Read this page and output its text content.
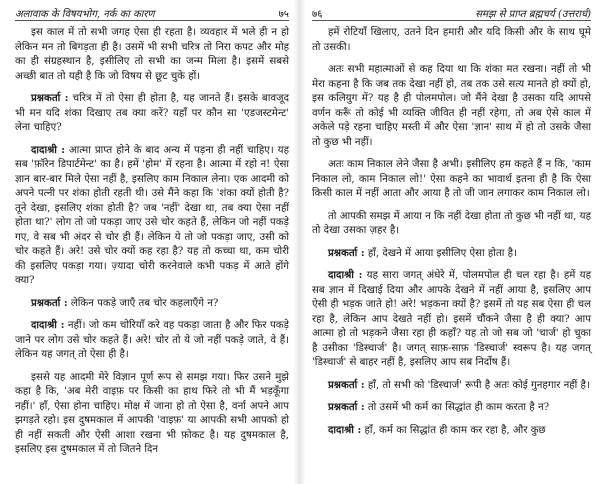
अलावाक के विषयभोग, नर्क का कारण	७५

इस काल में तो सभी जगह ऐसा ही रहता है। व्यवहार में भले ही न हो लेकिन मन तो बिगड़ता ही है। उसमें भी सभी चरित्र तो निरा कपट और मोह का ही संग्रहस्थान है, इसीलिए तो सभी का जन्म मिला है। इसमें सबसे अच्छी बात तो यही है कि जो विषय से छूट चुके हों।

प्रश्नकर्ता : चरित्र में तो ऐसा ही होता है, यह जानते हैं। इसके बावजूद भी मन यदि शंका दिखाए तब क्या करें? यहाँ पर कौन सा 'एडजस्टमेन्ट' लेना चाहिए?

दादाश्री : आत्मा प्राप्त होने के बाद अन्य में पड़ना ही नहीं चाहिए। यह सब 'फ़ॉरेन डिपार्टमेन्ट' का है। हमें 'होम' में रहना है। आत्मा में रहो न! ऐसा ज्ञान बार-बार मिले ऐसा नहीं है, इसलिए काम निकाल लेना। एक आदमी को अपने पत्नी पर शंका होती रहती थी। उसे मैंने कहा कि 'शंका क्यों होती है? तूने देखा, इसलिए शंका होती है? जब 'नहीं' देखा था, तब क्या ऐसा नहीं होता था?' लोग तो जो पकड़ा जाए उसे चोर कहते हैं, लेकिन जो नहीं पकड़े गए, वे सब भी अंदर से चोर ही हैं। लेकिन ये तो जो पकड़ा जाए, उसी को चोर कहते हैं। अरे! उसे चोर क्यों कह रहा है? यह तो कच्चा था, कम चोरी की इसलिए पकड़ा गया। ज़्यादा चोरी करनेवाले कभी पकड़ में आते होंगे क्या?

प्रश्नकर्ता : लेकिन पकड़े जाएँ तब चोर कहलाएँगे न?

दादाश्री : नहीं। जो कम चोरियाँ करे वह पकड़ा जाता है और फिर पकड़े जाने पर लोग उसे चोर कहते हैं। अरे! चोर तो ये जो नहीं पकड़े जाते, वे हैं। लेकिन यह जगत् तो ऐसा ही है।

इससे यह आदमी मेरे विज्ञान पूर्ण रूप से समझ गया। फिर उसने मुझे कहा है कि, 'अब मेरी वाइफ़ पर किसी का हाथ फिरे तो भी मैं भड़कूँगा नहीं।' हाँ, ऐसा होना चाहिए। मोक्ष में जाना हो तो ऐसा है, वर्ना अपने आप झगड़ते रहो। इस दुषमकाल में आपकी 'वाइफ़' या आपकी सभी आपको हो ही नहीं सकती और ऐसी आशा रखना भी फ़ोकट है। यह दुषमकाल है, इसलिए इस दुषमकाल में तो जितने दिन

७६	समझ से प्राप्त ब्रह्मचर्य (उत्तरार्ध)

हमें रोटियाँ खिलाए, उतने दिन हमारी और यदि किसी और के साथ घूमे तो उसकी।

अतः सभी महात्माओं से कह दिया था कि शंका मत रखना। नहीं तो भी मेरा कहना है कि जब तक देखा नहीं हो, तब तक उसे सत्य मानते हो क्यों हो, इस कलियुग में? यह है ही पोलमपोल। जो मैंने देखा है उसका यदि आपसे वर्णन करूँ तो कोई भी व्यक्ति जीवित ही नहीं रहेगा, तो अब ऐसे काल में अकेले पड़े रहना चाहिए मस्ती में और ऐसा 'ज्ञान' साथ में हो तो उसके जैसा तो कुछ भी नहीं।

अतः काम निकाल लेने जैसा है अभी। इसीलिए हम कहते हैं न कि, 'काम निकाल लो, काम निकाल लो!' ऐसा कहने का भावार्थ इतना ही है कि ऐसा किसी काल में नहीं आता और आया है तो जी जान लगाकर काम निकाल लो।

तो आपकी समझ में आया न कि नहीं देखा होता तो कुछ भी नहीं था, यह तो देखा उसका ज़हर है।

प्रश्नकर्ता : हाँ, देखने में आया इसीलिए ऐसा होता है।

दादाश्री : यह सारा जगत् अंधेरे में, पोलमपोल ही चल रहा है। हमें यह सब ज्ञान में दिखाई दिया और आपके देखने में नहीं आया है, इसलिए आप ऐसी ही भड़क जाते हो! अरे! भड़कना क्यों है? इसमें तो यह सब ऐसा ही चल रहा है, लेकिन आप देखते नहीं हो। इसमें चौंकने जैसा है ही क्या? आप आत्मा हो तो भड़कने जैसा रहा ही कहाँ? यह तो जो सब जो 'चार्ज' हो चुका है उसीका 'डिस्चार्ज' है। जगत् साफ़-साफ़ 'डिस्चार्ज' स्वरूप है। यह जगत् 'डिस्चार्ज' से बाहर नहीं है, इसलिए आप सब निर्दोष हैं।

प्रश्नकर्ता : हाँ, तो सभी को 'डिस्चार्ज' रूपी है अतः कोई गुनहगार नहीं है।

प्रश्नकर्ता : तो उसमें भी कर्म का सिद्धांत ही काम करता है न?

दादाश्री : हाँ, कर्म का सिद्धांत ही काम कर रहा है, और कुछ
